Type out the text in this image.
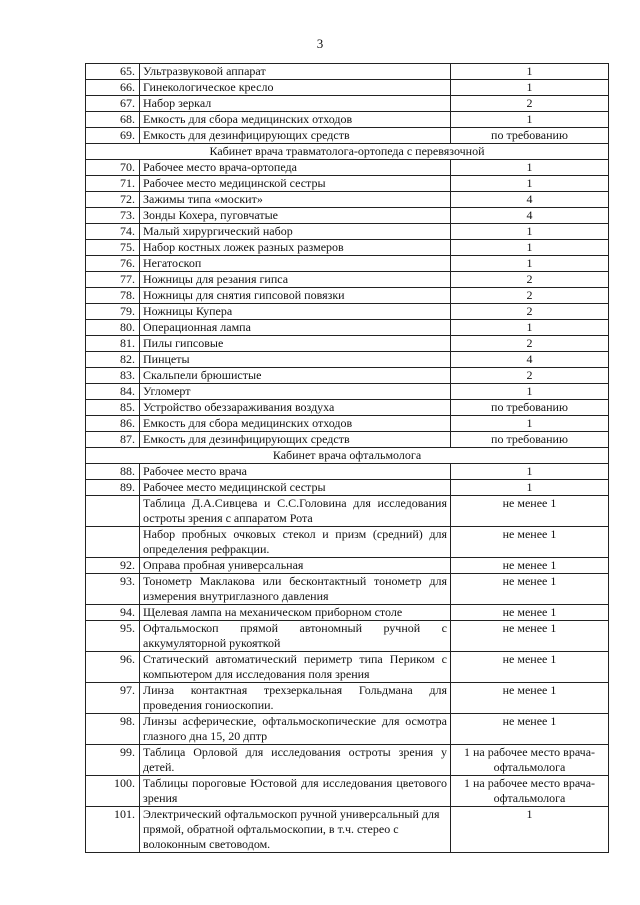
3
65.	Ультразвуковой аппарат	1
66.	Гинекологическое кресло	1
67.	Набор зеркал	2
68.	Емкость для сбора медицинских отходов	1
69.	Емкость для дезинфицирующих средств	по требованию
Кабинет врача травматолога-ортопеда с перевязочной		
70.	Рабочее место врача-ортопеда	1
71.	Рабочее место медицинской сестры	1
72.	Зажимы типа «москит»	4
73.	Зонды Кохера, пуговчатые	4
74.	Малый хирургический набор	1
75.	Набор костных ложек разных размеров	1
76.	Негатоскоп	1
77.	Ножницы для резания гипса	2
78.	Ножницы для снятия гипсовой повязки	2
79.	Ножницы Купера	2
80.	Операционная лампа	1
81.	Пилы гипсовые	2
82.	Пинцеты	4
83.	Скальпели брюшистые	2
84.	Угломерт	1
85.	Устройство обеззараживания воздуха	по требованию
86.	Емкость для сбора медицинских отходов	1
87.	Емкость для дезинфицирующих средств	по требованию
Кабинет врача офтальмолога		
88.	Рабочее место врача	1
89.	Рабочее место медицинской сестры	1
	Таблица Д.А.Сивцева и С.С.Головина для исследования остроты зрения с аппаратом Рота	не менее 1
	Набор пробных очковых стекол и призм (средний) для определения рефракции.	не менее 1
92.	Оправа пробная универсальная	не менее 1
93.	Тонометр Маклакова или бесконтактный тонометр для измерения внутриглазного давления	не менее 1
94.	Щелевая лампа на механическом приборном столе	не менее 1
95.	Офтальмоскоп прямой автономный ручной с аккумуляторной рукояткой	не менее 1
96.	Статический автоматический периметр типа Периком с компьютером для исследования поля зрения	не менее 1
97.	Линза контактная трехзеркальная Гольдмана для проведения гониоскопии.	не менее 1
98.	Линзы асферические, офтальмоскопические для осмотра глазного дна 15, 20 дптр	не менее 1
99.	Таблица Орловой для исследования остроты зрения у детей.	1 на рабочее место врача-офтальмолога
100.	Таблицы пороговые Юстовой для исследования цветового зрения	1 на рабочее место врача-офтальмолога
101.	Электрический офтальмоскоп ручной универсальный для прямой, обратной офтальмоскопии, в т.ч. стерео с волоконным световодом.	1
